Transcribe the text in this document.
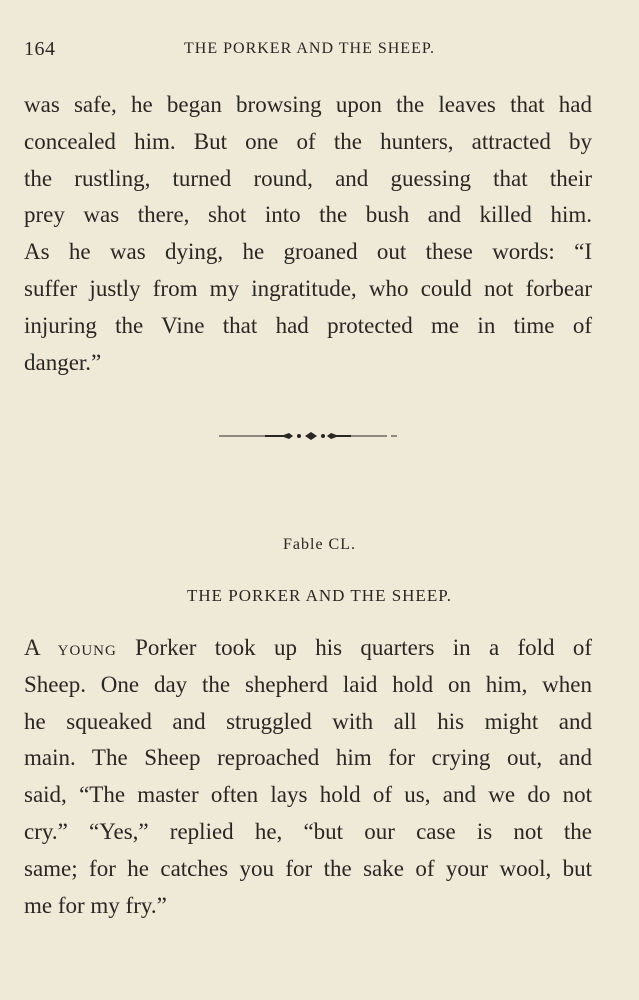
164	THE PORKER AND THE SHEEP.
was safe, he began browsing upon the leaves that had
concealed him. But one of the hunters, attracted by
the rustling, turned round, and guessing that their
prey was there, shot into the bush and killed him.
As he was dying, he groaned out these words: “I
suffer justly from my ingratitude, who could not forbear
injuring the Vine that had protected me in time of
danger.”
Fable CL.
THE PORKER AND THE SHEEP.
A YOUNG Porker took up his quarters in a fold of
Sheep. One day the shepherd laid hold on him, when
he squeaked and struggled with all his might and
main. The Sheep reproached him for crying out, and
said, “The master often lays hold of us, and we do not
cry.” “Yes,” replied he, “but our case is not the
same; for he catches you for the sake of your wool, but
me for my fry.”
